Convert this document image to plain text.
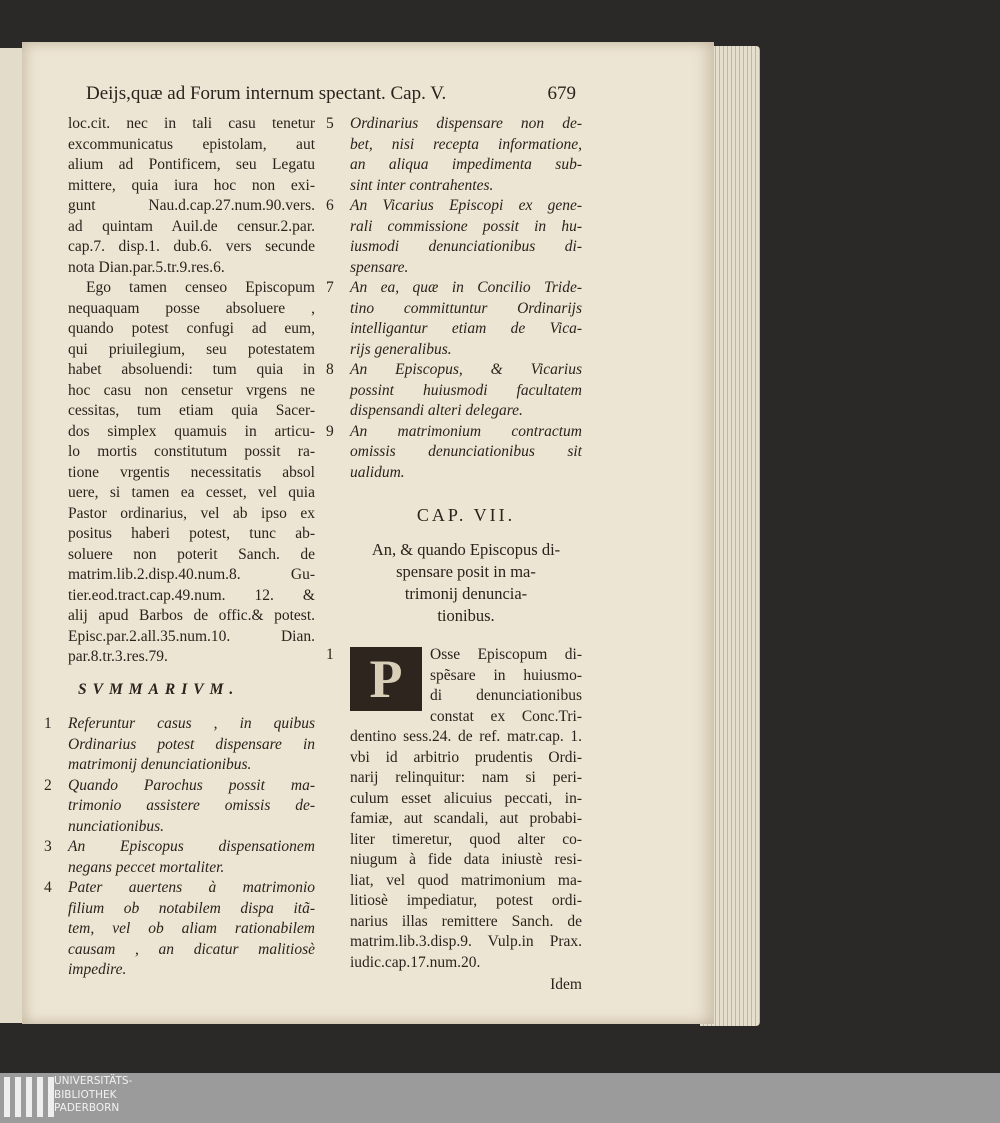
Deijs,quæ ad Forum internum spectant. Cap. V.	679
loc.cit. nec in tali casu tenetur
excommunicatus epistolam, aut
alium ad Pontificem, seu Legatu
mittere, quia iura hoc non exi-
gunt Nau.d.cap.27.num.90.vers.
ad quintam Auil.de censur.2.par.
cap.7. disp.1. dub.6. vers secunde
nota Dian.par.5.tr.9.res.6.
Ego tamen censeo Episcopum
nequaquam posse absoluere ,
quando potest confugi ad eum,
qui priuilegium, seu potestatem
habet absoluendi: tum quia in
hoc casu non censetur vrgens ne
cessitas, tum etiam quia Sacer-
dos simplex quamuis in articu-
lo mortis constitutum possit ra-
tione vrgentis necessitatis absol
uere, si tamen ea cesset, vel quia
Pastor ordinarius, vel ab ipso ex
positus haberi potest, tunc ab-
soluere non poterit Sanch. de
matrim.lib.2.disp.40.num.8. Gu-
tier.eod.tract.cap.49.num. 12. &
alij apud Barbos de offic.& potest.
Episc.par.2.all.35.num.10. Dian.
par.8.tr.3.res.79.
SVMMARIVM.
1 Referuntur casus , in quibus
Ordinarius potest dispensare in
matrimonij denunciationibus.
2 Quando Parochus possit ma-
trimonio assistere omissis de-
nunciationibus.
3 An Episcopus dispensationem
negans peccet mortaliter.
4 Pater auertens à matrimonio
filium ob notabilem dispa itã-
tem, vel ob aliam rationabilem
causam , an dicatur malitiosè
impedire.
5 Ordinarius dispensare non de-
bet, nisi recepta informatione,
an aliqua impedimenta sub-
sint inter contrahentes.
6 An Vicarius Episcopi ex gene-
rali commissione possit in hu-
iusmodi denunciationibus di-
spensare.
7 An ea, quæ in Concilio Tride-
tino committuntur Ordinarijs
intelligantur etiam de Vica-
rijs generalibus.
8 An Episcopus, & Vicarius
possint huiusmodi facultatem
dispensandi alteri delegare.
9 An matrimonium contractum
omissis denunciationibus sit
ualidum.
CAP. VII.
An, & quando Episcopus di-
spensare posit in ma-
trimonij denuncia-
tionibus.
1 P	Osse Episcopum di-
spẽsare in huiusmo-
di denunciationibus
constat ex Conc.Tri-
dentino sess.24. de ref. matr.cap. 1.
vbi id arbitrio prudentis Ordi-
narij relinquitur: nam si peri-
culum esset alicuius peccati, in-
famiæ, aut scandali, aut probabi-
liter timeretur, quod alter co-
niugum à fide data iniustè resi-
liat, vel quod matrimonium ma-
litiosè impediatur, potest ordi-
narius illas remittere Sanch. de
matrim.lib.3.disp.9. Vulp.in Prax.
iudic.cap.17.num.20.
Idem
UNIVERSITÄTS-
BIBLIOTHEK
PADERBORN
